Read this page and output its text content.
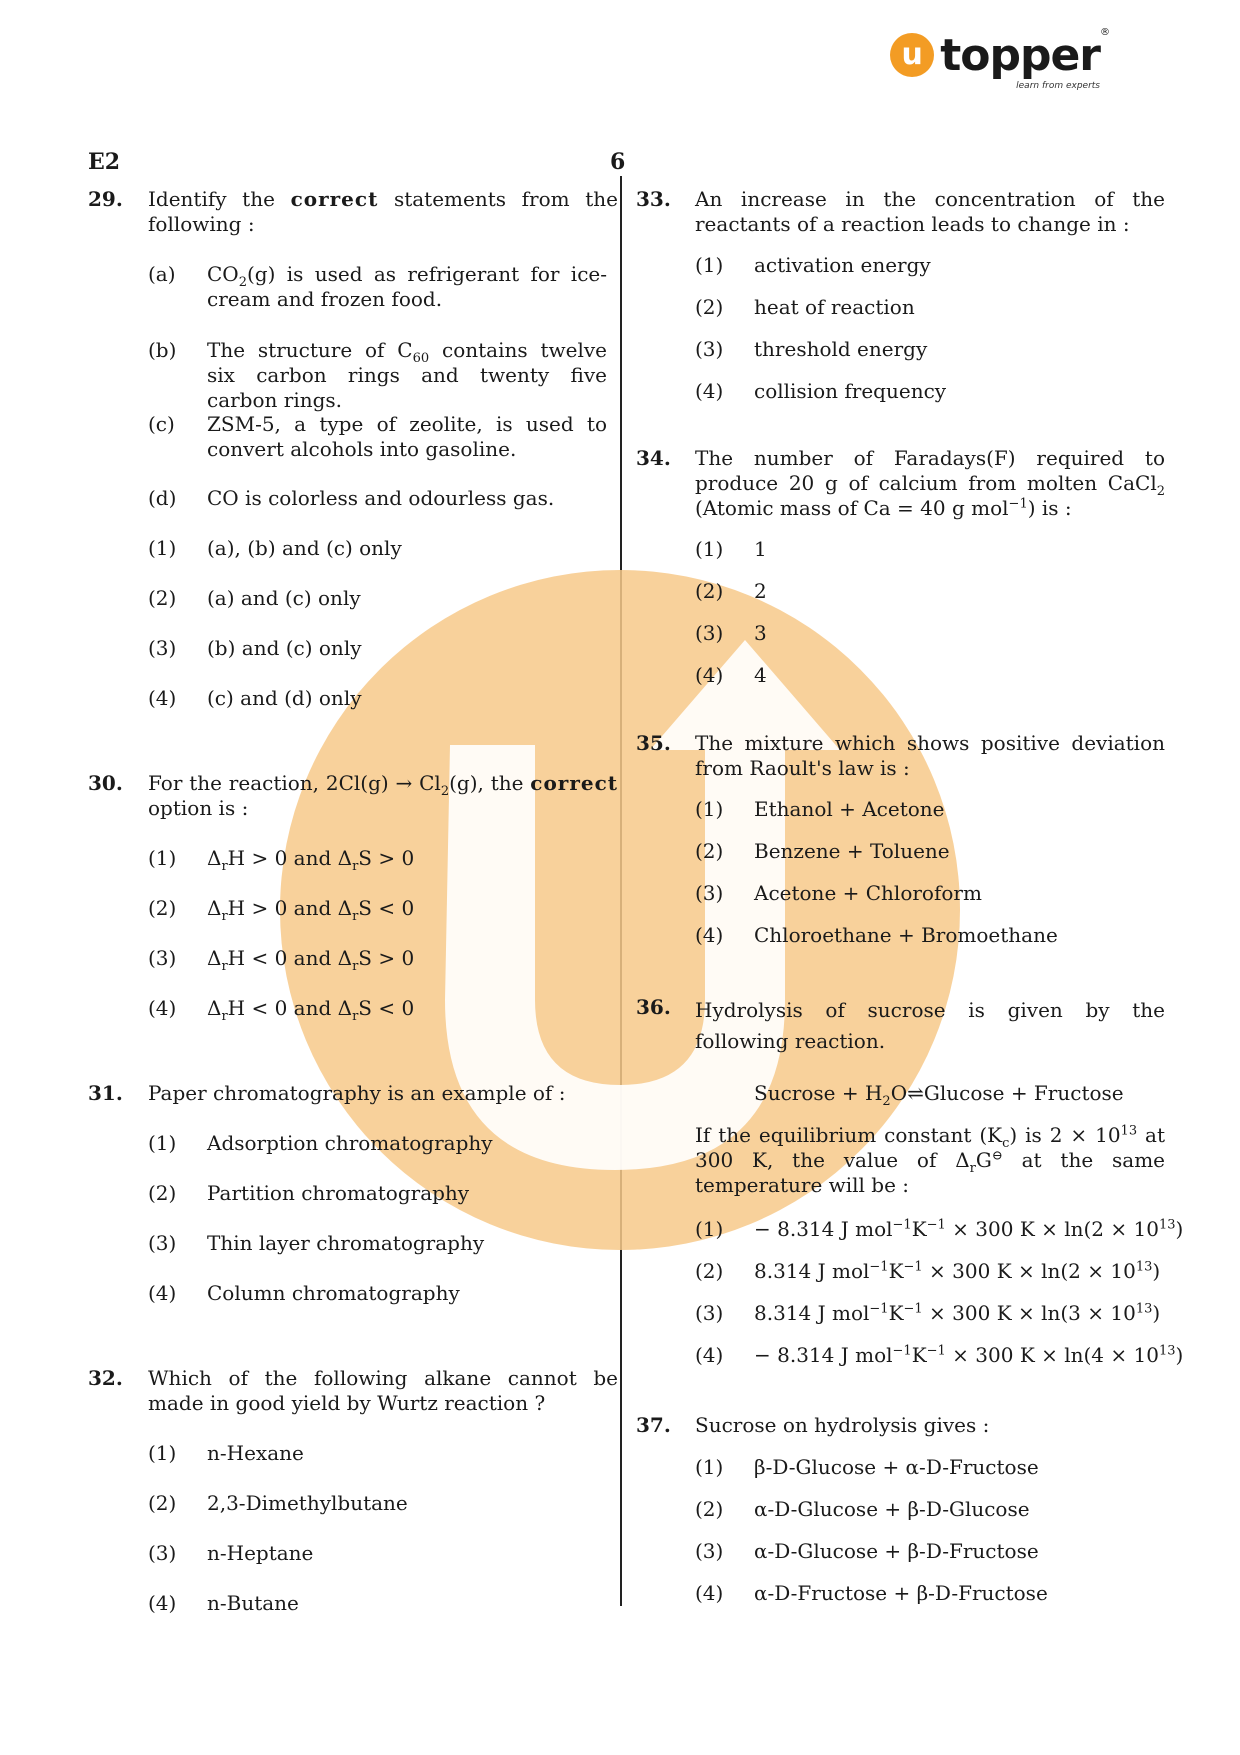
u topper
learn from experts
®
E2	6
29. Identify the correct statements from the following :
(a) $CO_2(g)$ is used as refrigerant for ice-cream and frozen food.
(b) The structure of $C_{60}$ contains twelve six carbon rings and twenty five carbon rings.
(c) ZSM-5, a type of zeolite, is used to convert alcohols into gasoline.
(d) CO is colorless and odourless gas.
(1) (a), (b) and (c) only
(2) (a) and (c) only
(3) (b) and (c) only
(4) (c) and (d) only
30. For the reaction, $2Cl(g) \to Cl_2(g)$, the correct option is :
(1) $\Delta_rH > 0$ and $\Delta_rS > 0$
(2) $\Delta_rH > 0$ and $\Delta_rS < 0$
(3) $\Delta_rH < 0$ and $\Delta_rS > 0$
(4) $\Delta_rH < 0$ and $\Delta_rS < 0$
31. Paper chromatography is an example of :
(1) Adsorption chromatography
(2) Partition chromatography
(3) Thin layer chromatography
(4) Column chromatography
32. Which of the following alkane cannot be made in good yield by Wurtz reaction ?
(1) n-Hexane
(2) 2,3-Dimethylbutane
(3) n-Heptane
(4) n-Butane
33. An increase in the concentration of the reactants of a reaction leads to change in :
(1) activation energy
(2) heat of reaction
(3) threshold energy
(4) collision frequency
34. The number of Faradays(F) required to produce 20 g of calcium from molten CaCl$_2$ (Atomic mass of Ca = 40 g mol$^{-1}$) is :
(1) 1
(2) 2
(3) 3
(4) 4
35. The mixture which shows positive deviation from Raoult's law is :
(1) Ethanol + Acetone
(2) Benzene + Toluene
(3) Acetone + Chloroform
(4) Chloroethane + Bromoethane
36. Hydrolysis of sucrose is given by the following reaction.
Sucrose + $H_2O\rightleftharpoons Glucose$ + Fructose
If the equilibrium constant $(K_c)$ is $2 \times 10^{13}$ at 300 K, the value of $\Delta_rG^⊖$ at the same temperature will be :
(1) − 8.314 J $mol^{-1}K^{-1} \times 300$ $K \times \ln(2 \times 10^{13})$
(2) 8.314 J $mol^{-1}K^{-1} \times 300$ $K \times \ln(2 \times 10^{13})$
(3) 8.314 J $mol^{-1}K^{-1} \times 300$ $K \times \ln(3 \times 10^{13})$
(4) − 8.314 J $mol^{-1}K^{-1} \times 300$ $K \times \ln(4 \times 10^{13})$
37. Sucrose on hydrolysis gives :
(1) β-D-Glucose + α-D-Fructose
(2) α-D-Glucose + β-D-Glucose
(3) α-D-Glucose + β-D-Fructose
(4) α-D-Fructose + β-D-Fructose
